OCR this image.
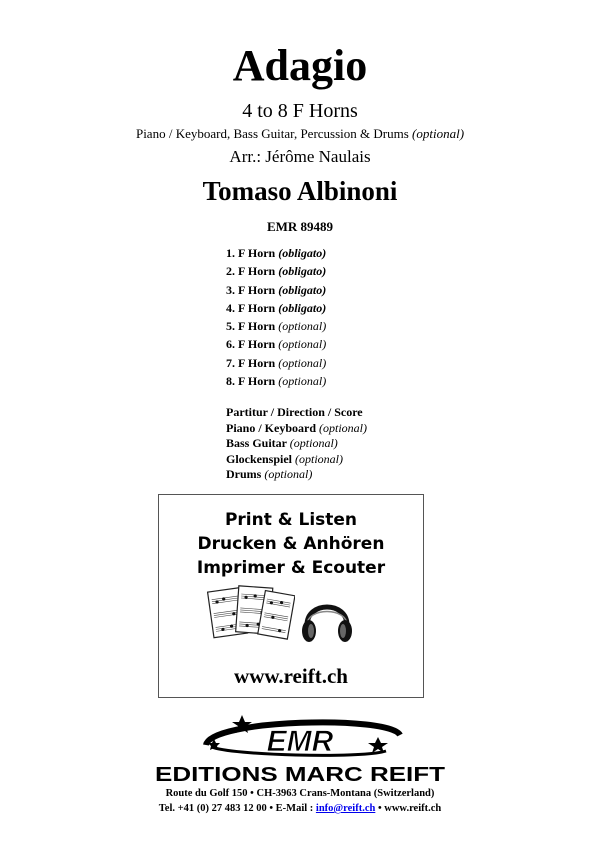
Adagio
4 to 8 F Horns
Piano / Keyboard, Bass Guitar, Percussion & Drums (optional)
Arr.: Jérôme Naulais
Tomaso Albinoni
EMR 89489
1. F Horn (obligato)
2. F Horn (obligato)
3. F Horn (obligato)
4. F Horn (obligato)
5. F Horn (optional)
6. F Horn (optional)
7. F Horn (optional)
8. F Horn (optional)
Partitur / Direction / Score
Piano / Keyboard (optional)
Bass Guitar (optional)
Glockenspiel (optional)
Drums (optional)
Print & Listen
Drucken & Anhören
Imprimer & Ecouter
www.reift.ch
EMR
EDITIONS MARC REIFT
Route du Golf 150 • CH-3963 Crans-Montana (Switzerland)
Tel. +41 (0) 27 483 12 00 • E-Mail : info@reift.ch • www.reift.ch
